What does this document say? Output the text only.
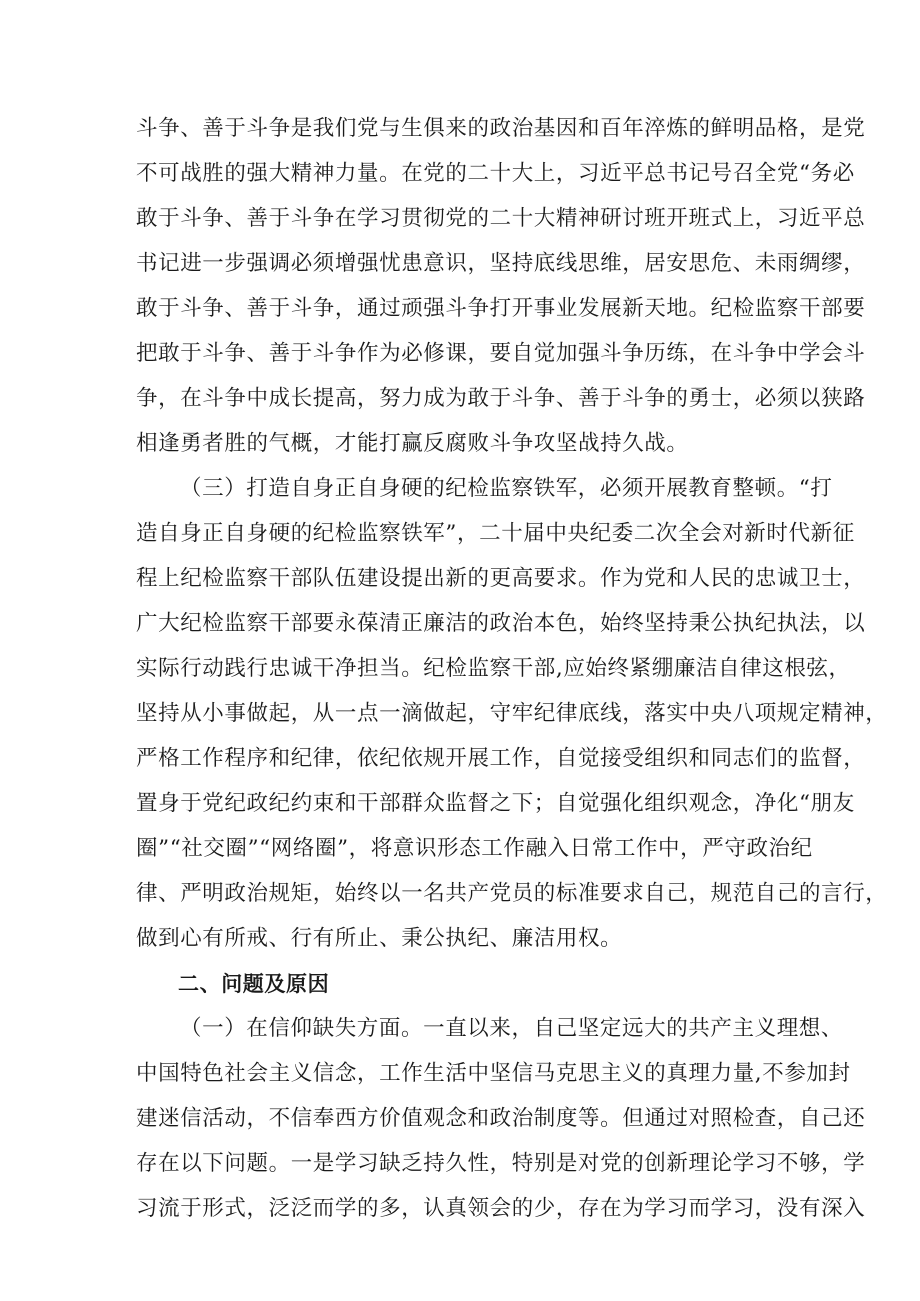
斗争、善于斗争是我们党与生俱来的政治基因和百年淬炼的鲜明品格，是党
不可战胜的强大精神力量。在党的二十大上，习近平总书记号召全党“务必
敢于斗争、善于斗争在学习贯彻党的二十大精神研讨班开班式上，习近平总
书记进一步强调必须增强忧患意识，坚持底线思维，居安思危、未雨绸缪，
敢于斗争、善于斗争，通过顽强斗争打开事业发展新天地。纪检监察干部要
把敢于斗争、善于斗争作为必修课，要自觉加强斗争历练，在斗争中学会斗
争，在斗争中成长提高，努力成为敢于斗争、善于斗争的勇士，必须以狭路
相逢勇者胜的气概，才能打赢反腐败斗争攻坚战持久战。
（三）打造自身正自身硬的纪检监察铁军，必须开展教育整顿。“打
造自身正自身硬的纪检监察铁军”，二十届中央纪委二次全会对新时代新征
程上纪检监察干部队伍建设提出新的更高要求。作为党和人民的忠诚卫士，
广大纪检监察干部要永葆清正廉洁的政治本色，始终坚持秉公执纪执法，以
实际行动践行忠诚干净担当。纪检监察干部,应始终紧绷廉洁自律这根弦，
坚持从小事做起，从一点一滴做起，守牢纪律底线，落实中央八项规定精神，
严格工作程序和纪律，依纪依规开展工作，自觉接受组织和同志们的监督，
置身于党纪政纪约束和干部群众监督之下；自觉强化组织观念，净化“朋友
圈”“社交圈”“网络圈”，将意识形态工作融入日常工作中，严守政治纪
律、严明政治规矩，始终以一名共产党员的标准要求自己，规范自己的言行，
做到心有所戒、行有所止、秉公执纪、廉洁用权。
二、问题及原因
（一）在信仰缺失方面。一直以来，自己坚定远大的共产主义理想、
中国特色社会主义信念，工作生活中坚信马克思主义的真理力量,不参加封
建迷信活动，不信奉西方价值观念和政治制度等。但通过对照检查，自己还
存在以下问题。一是学习缺乏持久性，特别是对党的创新理论学习不够，学
习流于形式，泛泛而学的多，认真领会的少，存在为学习而学习，没有深入
